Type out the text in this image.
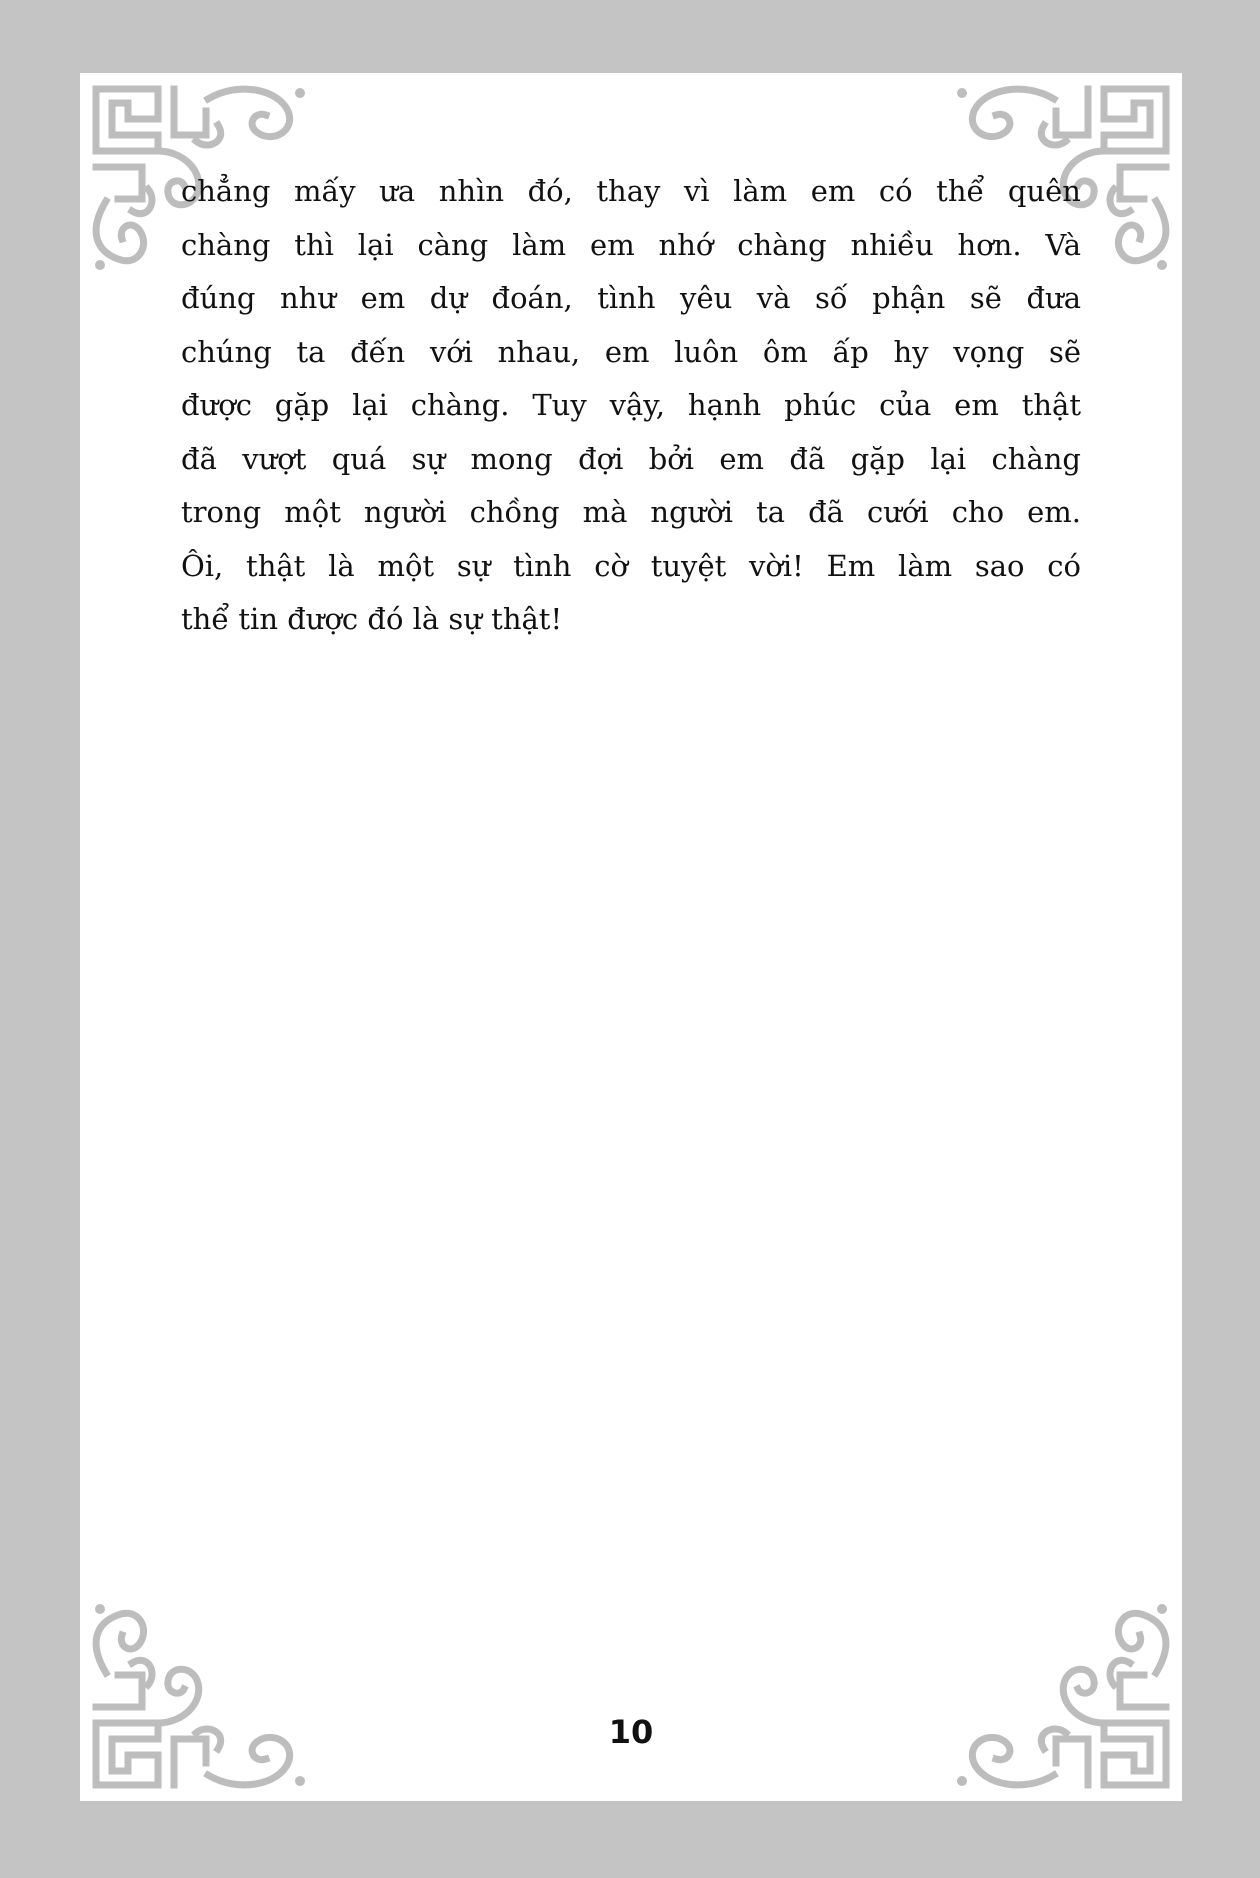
chẳng mấy ưa nhìn đó, thay vì làm em có thể quên
chàng thì lại càng làm em nhớ chàng nhiều hơn. Và
đúng như em dự đoán, tình yêu và số phận sẽ đưa
chúng ta đến với nhau, em luôn ôm ấp hy vọng sẽ
được gặp lại chàng. Tuy vậy, hạnh phúc của em thật
đã vượt quá sự mong đợi bởi em đã gặp lại chàng
trong một người chồng mà người ta đã cưới cho em.
Ôi, thật là một sự tình cờ tuyệt vời! Em làm sao có
thể tin được đó là sự thật!

10
